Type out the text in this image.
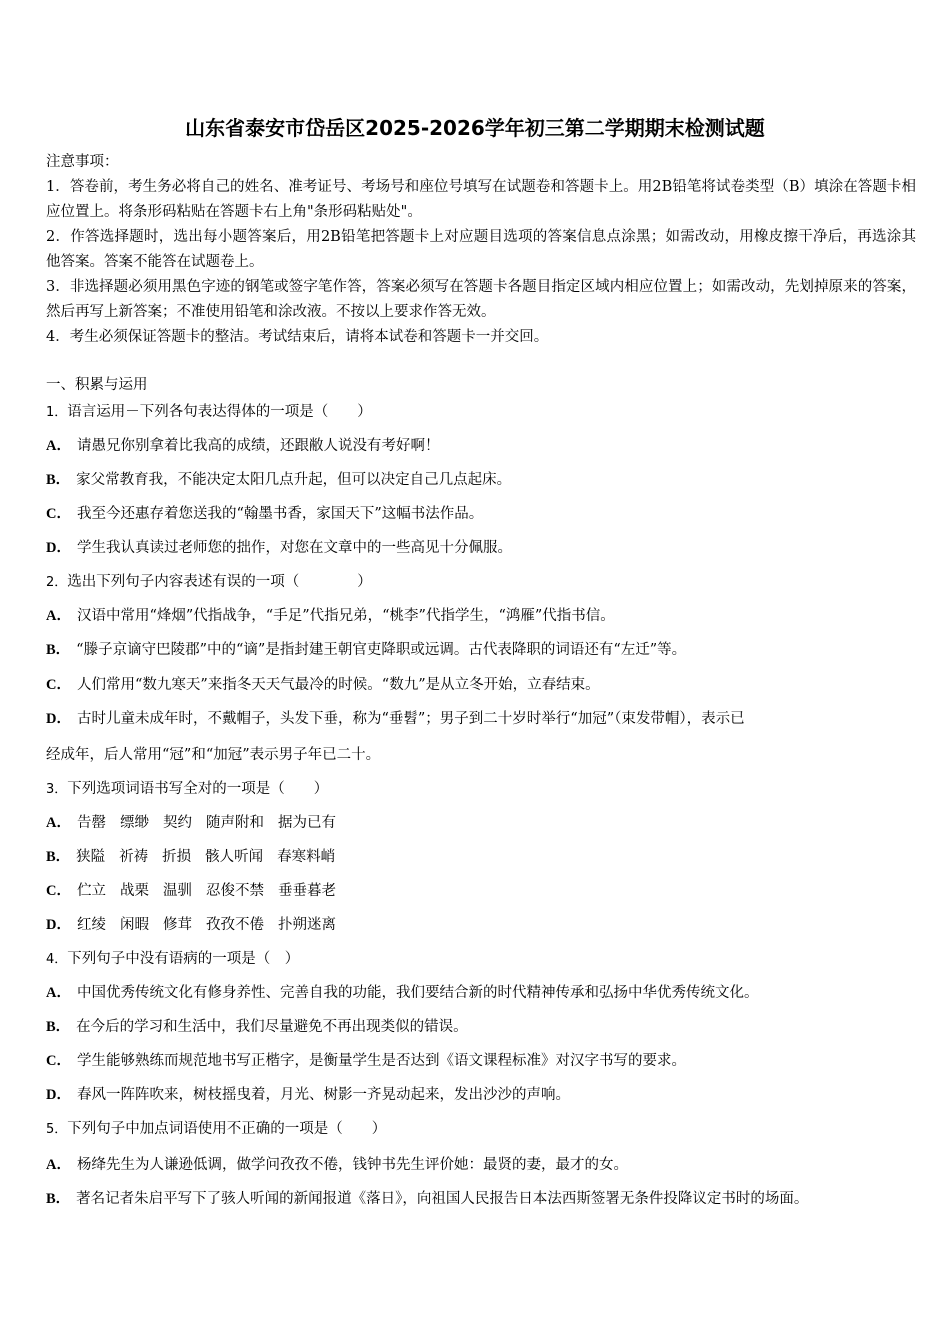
山东省泰安市岱岳区2025-2026学年初三第二学期期末检测试题
注意事项：
1．答卷前，考生务必将自己的姓名、准考证号、考场号和座位号填写在试题卷和答题卡上。用2B铅笔将试卷类型（B）填涂在答题卡相应位置上。将条形码粘贴在答题卡右上角"条形码粘贴处"。
2．作答选择题时，选出每小题答案后，用2B铅笔把答题卡上对应题目选项的答案信息点涂黑；如需改动，用橡皮擦干净后，再选涂其他答案。答案不能答在试题卷上。
3．非选择题必须用黑色字迹的钢笔或签字笔作答，答案必须写在答题卡各题目指定区域内相应位置上；如需改动，先划掉原来的答案，然后再写上新答案；不准使用铅笔和涂改液。不按以上要求作答无效。
4．考生必须保证答题卡的整洁。考试结束后，请将本试卷和答题卡一并交回。
一、积累与运用
1．语言运用－下列各句表达得体的一项是（　　）
A． 请愚兄你别拿着比我高的成绩，还跟敝人说没有考好啊！
B． 家父常教育我，不能决定太阳几点升起，但可以决定自己几点起床。
C． 我至今还惠存着您送我的“翰墨书香，家国天下”这幅书法作品。
D． 学生我认真读过老师您的拙作，对您在文章中的一些高见十分佩服。
2．选出下列句子内容表述有误的一项（　　　　）
A． 汉语中常用“烽烟”代指战争，“手足”代指兄弟，“桃李”代指学生，“鸿雁”代指书信。
B． “滕子京谪守巴陵郡”中的“谪”是指封建王朝官吏降职或远调。古代表降职的词语还有“左迁”等。
C． 人们常用“数九寒天”来指冬天天气最冷的时候。“数九”是从立冬开始，立春结束。
D． 古时儿童未成年时，不戴帽子，头发下垂，称为“垂髫”；男子到二十岁时举行“加冠”（束发带帽），表示已
经成年，后人常用“冠”和“加冠”表示男子年已二十。
3．下列选项词语书写全对的一项是（　　）
A． 告罄 缥缈 契约 随声附和 据为已有
B． 狭隘 祈祷 折损 骸人听闻 春寒料峭
C． 伫立 战栗 温驯 忍俊不禁 垂垂暮老
D． 红绫 闲暇 修茸 孜孜不倦 扑朔迷离
4．下列句子中没有语病的一项是（　）
A． 中国优秀传统文化有修身养性、完善自我的功能，我们要结合新的时代精神传承和弘扬中华优秀传统文化。
B． 在今后的学习和生活中，我们尽量避免不再出现类似的错误。
C． 学生能够熟练而规范地书写正楷字，是衡量学生是否达到《语文课程标准》对汉字书写的要求。
D． 春风一阵阵吹来，树枝摇曳着，月光、树影一齐晃动起来，发出沙沙的声响。
5．下列句子中加点词语使用不正确的一项是（　　）
A． 杨绛先生为人谦逊低调，做学问孜孜不倦，钱钟书先生评价她：最贤的妻，最才的女。
B． 著名记者朱启平写下了骇人听闻的新闻报道《落日》，向祖国人民报告日本法西斯签署无条件投降议定书时的场面。
